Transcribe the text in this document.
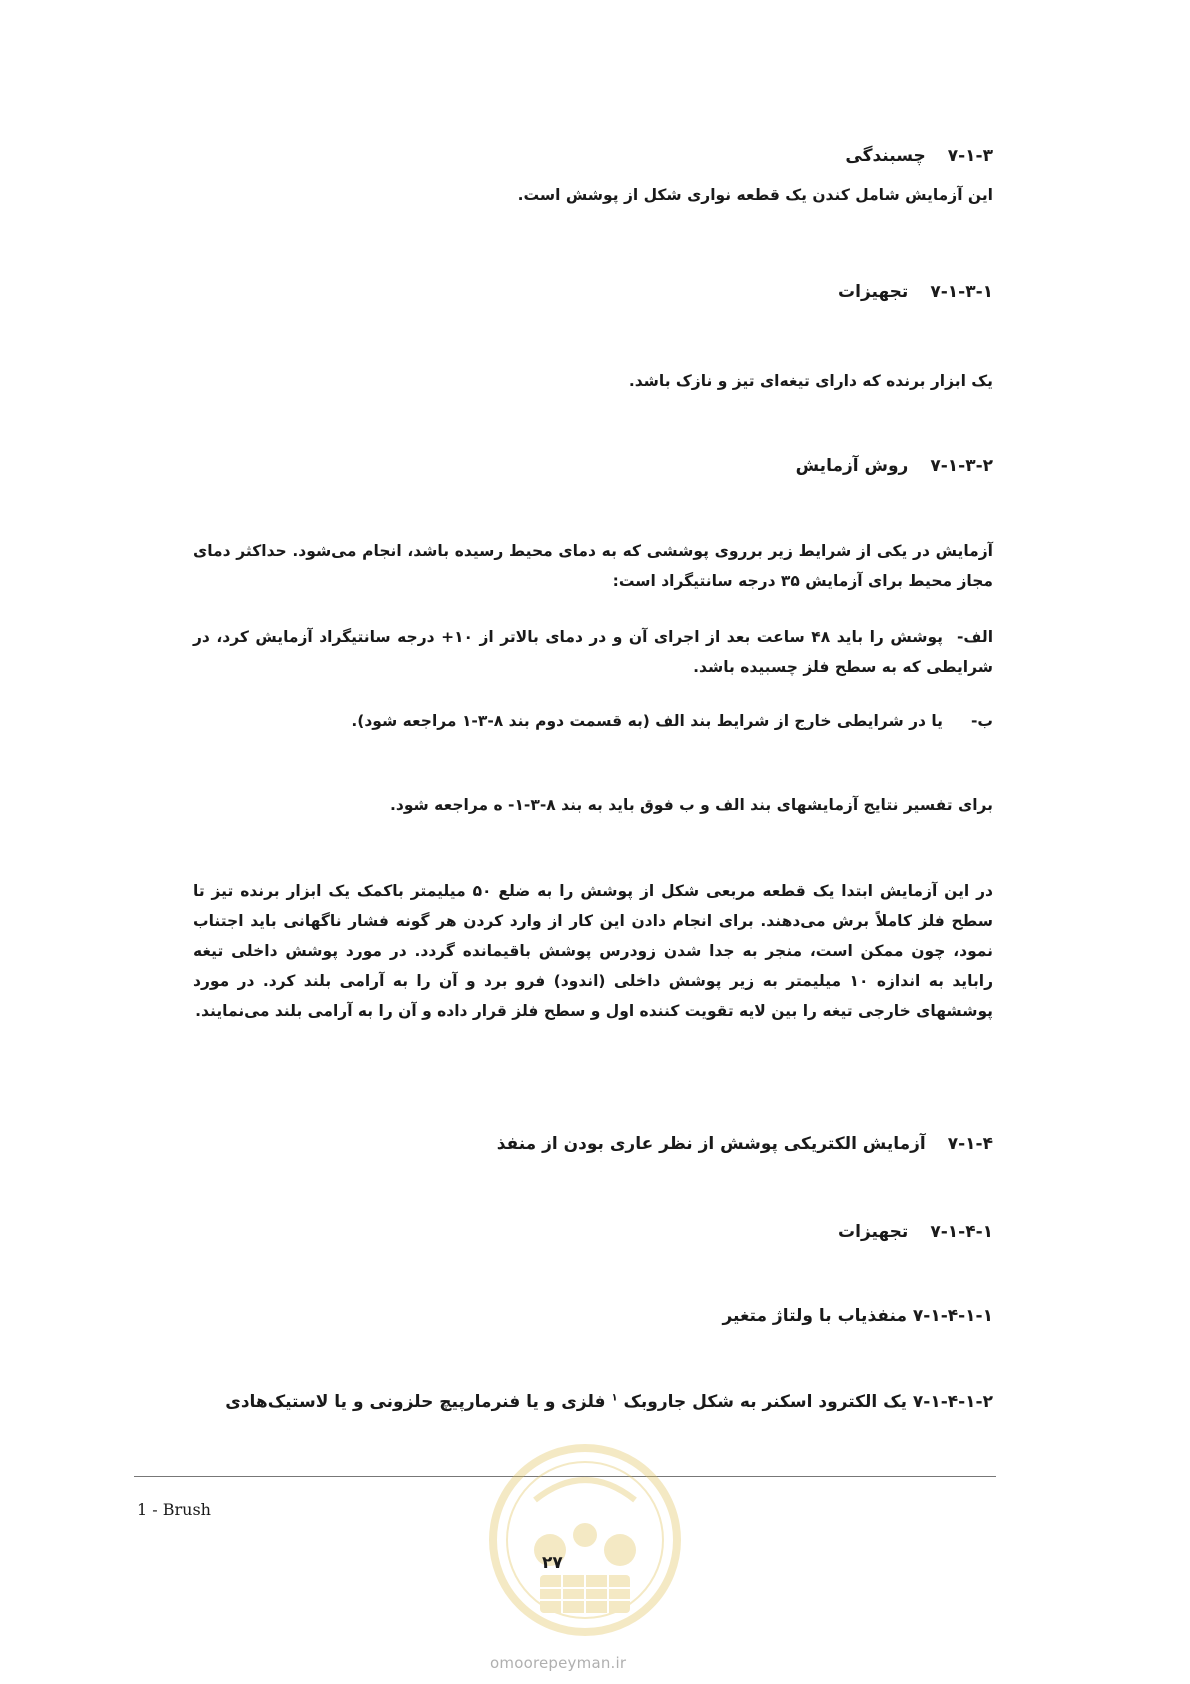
۷-۱-۳چسبندگی
این آزمایش شامل کندن یک قطعه نواری شکل از پوشش است.
۷-۱-۳-۱تجهیزات
یک ابزار برنده که دارای تیغه‌ای تیز و نازک باشد.
۷-۱-۳-۲روش آزمایش
آزمایش در یکی از شرایط زیر برروی پوششی که به دمای محیط رسیده باشد، انجام می‌شود. حداکثر دمای مجاز محیط برای آزمایش ۳۵ درجه سانتیگراد است:
الف-پوشش را باید ۴۸ ساعت بعد از اجرای آن و در دمای بالاتر از ۱۰+ درجه سانتیگراد آزمایش کرد، در شرایطی که به سطح فلز چسبیده باشد.
ب-یا در شرایطی خارج از شرایط بند الف (به قسمت دوم بند ۸-۳-۱ مراجعه شود).
برای تفسیر نتایج آزمایشهای بند الف و ب فوق باید به بند ۸-۳-۱- ه مراجعه شود.
در این آزمایش ابتدا یک قطعه مربعی شکل از پوشش را به ضلع ۵۰ میلیمتر باکمک یک ابزار برنده تیز تا سطح فلز کاملاً برش می‌دهند. برای انجام دادن این کار از وارد کردن هر گونه فشار ناگهانی باید اجتناب نمود، چون ممکن است، منجر به جدا شدن زودرس پوشش باقیمانده گردد. در مورد پوشش داخلی تیغه رابايد به اندازه ۱۰ میلیمتر به زیر پوشش داخلی (اندود) فرو برد و آن را به آرامی بلند کرد. در مورد پوششهای خارجی تیغه را بین لایه تقویت کننده اول و سطح فلز قرار داده و آن را به آرامی بلند می‌نمایند.
۷-۱-۴آزمایش الکتریکی پوشش از نظر عاری بودن از منفذ
۷-۱-۴-۱تجهیزات
۷-۱-۴-۱-۱ منفذیاب با ولتاژ متغیر
۷-۱-۴-۱-۲ یک الکترود اسکنر به شکل جاروبک $^۱$ فلزی و یا فنرمارپیچ حلزونی و یا لاستیک‌هادی
1 - Brush
۲۷
omoorepeyman.ir
